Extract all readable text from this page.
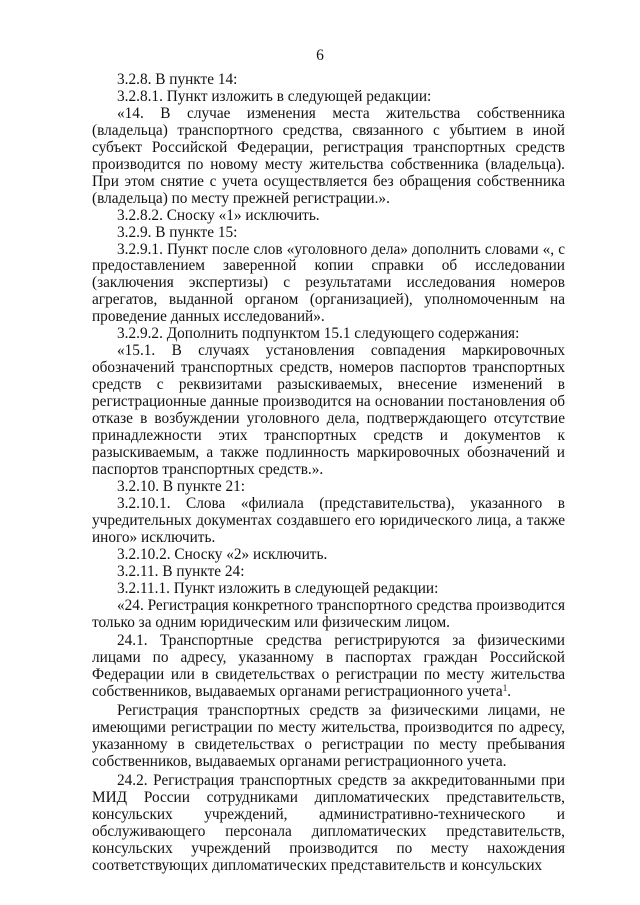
6

3.2.8. В пункте 14:

3.2.8.1. Пункт изложить в следующей редакции:

«14. В случае изменения места жительства собственника (владельца) транспортного средства, связанного с убытием в иной субъект Российской Федерации, регистрация транспортных средств производится по новому месту жительства собственника (владельца). При этом снятие с учета осуществляется без обращения собственника (владельца) по месту прежней регистрации.».

3.2.8.2. Сноску «1» исключить.

3.2.9. В пункте 15:

3.2.9.1. Пункт после слов «уголовного дела» дополнить словами «, с предоставлением заверенной копии справки об исследовании (заключения экспертизы) с результатами исследования номеров агрегатов, выданной органом (организацией), уполномоченным на проведение данных исследований».

3.2.9.2. Дополнить подпунктом 15.1 следующего содержания:

«15.1. В случаях установления совпадения маркировочных обозначений транспортных средств, номеров паспортов транспортных средств с реквизитами разыскиваемых, внесение изменений в регистрационные данные производится на основании постановления об отказе в возбуждении уголовного дела, подтверждающего отсутствие принадлежности этих транспортных средств и документов к разыскиваемым, а также подлинность маркировочных обозначений и паспортов транспортных средств.».

3.2.10. В пункте 21:

3.2.10.1. Слова «филиала (представительства), указанного в учредительных документах создавшего его юридического лица, а также иного» исключить.

3.2.10.2. Сноску «2» исключить.

3.2.11. В пункте 24:

3.2.11.1. Пункт изложить в следующей редакции:

«24. Регистрация конкретного транспортного средства производится только за одним юридическим или физическим лицом.

24.1. Транспортные средства регистрируются за физическими лицами по адресу, указанному в паспортах граждан Российской Федерации или в свидетельствах о регистрации по месту жительства собственников, выдаваемых органами регистрационного учета$^1$.

Регистрация транспортных средств за физическими лицами, не имеющими регистрации по месту жительства, производится по адресу, указанному в свидетельствах о регистрации по месту пребывания собственников, выдаваемых органами регистрационного учета.

24.2. Регистрация транспортных средств за аккредитованными при МИД России сотрудниками дипломатических представительств, консульских учреждений, административно-технического и обслуживающего персонала дипломатических представительств, консульских учреждений производится по месту нахождения соответствующих дипломатических представительств и консульских
